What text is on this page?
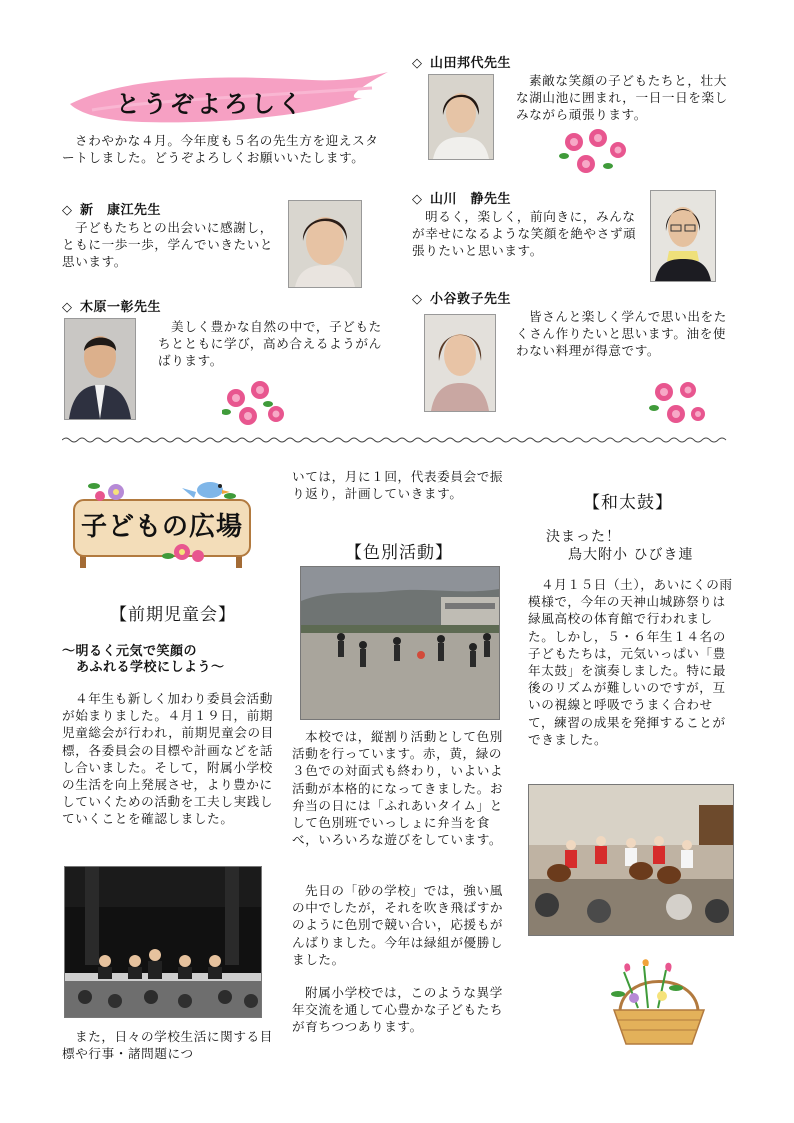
とうぞよろしく

さわやかな４月。今年度も５名の先生方を迎えスタートしました。どうぞよろしくお願いいたします。

◇ 新　康江先生

子どもたちとの出会いに感謝し，ともに一歩一歩，学んでいきたいと思います。

◇ 木原一彰先生

美しく豊かな自然の中で，子どもたちとともに学び，高め合えるようがんばります。

◇ 山田邦代先生

素敵な笑顔の子どもたちと，壮大な湖山池に囲まれ，一日一日を楽しみながら頑張ります。

◇ 山川　静先生

明るく，楽しく，前向きに，みんなが幸せになるような笑顔を絶やさず頑張りたいと思います。

◇ 小谷敦子先生

皆さんと楽しく学んで思い出をたくさん作りたいと思います。油を使わない料理が得意です。

子どもの広場

【前期児童会】

～明るく元気で笑顔の

あふれる学校にしよう～

４年生も新しく加わり委員会活動が始まりました。４月１９日，前期児童総会が行われ，前期児童会の目標，各委員会の目標や計画などを話し合いました。そして，附属小学校の生活を向上発展させ，より豊かにしていくための活動を工夫し実践していくことを確認しました。

また，日々の学校生活に関する目標や行事・諸問題につ

いては，月に１回，代表委員会で振り返り，計画していきます。

【色別活動】

本校では，縦割り活動として色別活動を行っています。赤，黄，緑の３色での対面式も終わり，いよいよ活動が本格的になってきました。お弁当の日には「ふれあいタイム」として色別班でいっしょに弁当を食べ，いろいろな遊びをしています。

先日の「砂の学校」では，強い風の中でしたが，それを吹き飛ばすかのように色別で競い合い，応援もがんばりました。今年は緑組が優勝しました。

附属小学校では，このような異学年交流を通して心豊かな子どもたちが育ちつつあります。

【和太鼓】

決まった！

鳥大附小 ひびき連

４月１５日（土），あいにくの雨模様で，今年の天神山城跡祭りは緑風高校の体育館で行われました。しかし，５・６年生１４名の子どもたちは，元気いっぱい「豊年太鼓」を演奏しました。特に最後のリズムが難しいのですが，互いの視線と呼吸でうまく合わせて，練習の成果を発揮することができました。
